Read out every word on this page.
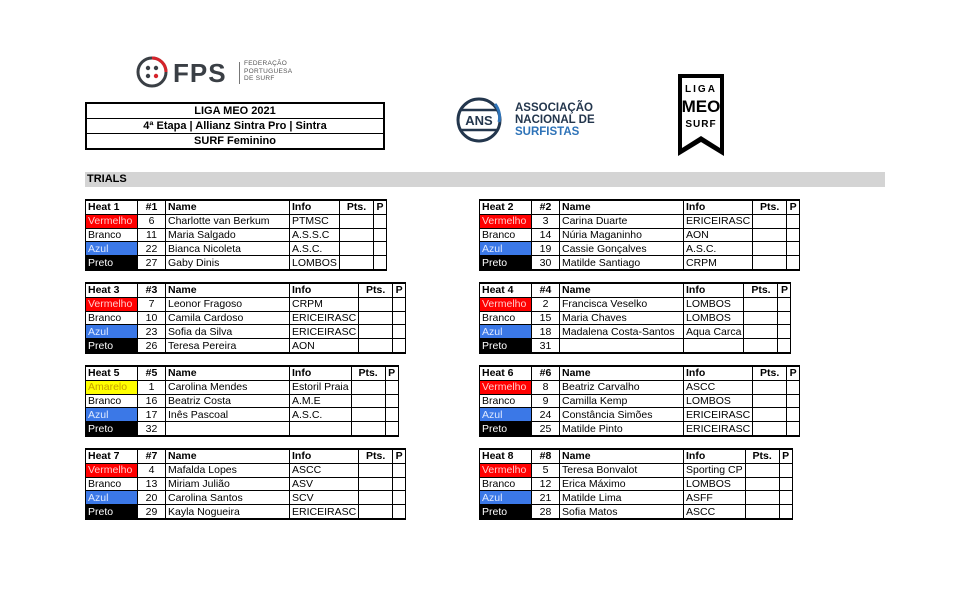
FPS	FEDERAÇÃO
PORTUGUESA
DE SURF
LIGA MEO 2021
4ª Etapa | Allianz Sintra Pro | Sintra
SURF Feminino
ANS
ASSOCIAÇÃO
NACIONAL DE
SURFISTAS
LIGA
MEO
SURF
TRIALS
Heat 1	#1	Name	Info	Pts.	P
Vermelho	6	Charlotte van Berkum	PTMSC		
Branco	11	Maria Salgado	A.S.S.C		
Azul	22	Bianca Nicoleta	A.S.C.		
Preto	27	Gaby Dinis	LOMBOS		
Heat 2	#2	Name	Info	Pts.	P
Vermelho	3	Carina Duarte	ERICEIRASC		
Branco	14	Núria Maganinho	AON		
Azul	19	Cassie Gonçalves	A.S.C.		
Preto	30	Matilde Santiago	CRPM		
Heat 3	#3	Name	Info	Pts.	P
Vermelho	7	Leonor Fragoso	CRPM		
Branco	10	Camila Cardoso	ERICEIRASC		
Azul	23	Sofia da Silva	ERICEIRASC		
Preto	26	Teresa Pereira	AON		
Heat 4	#4	Name	Info	Pts.	P
Vermelho	2	Francisca Veselko	LOMBOS		
Branco	15	Maria Chaves	LOMBOS		
Azul	18	Madalena Costa-Santos	Aqua Carca		
Preto	31				
Heat 5	#5	Name	Info	Pts.	P
Amarelo	1	Carolina Mendes	Estoril Praia		
Branco	16	Beatriz Costa	A.M.E		
Azul	17	Inês Pascoal	A.S.C.		
Preto	32				
Heat 6	#6	Name	Info	Pts.	P
Vermelho	8	Beatriz Carvalho	ASCC		
Branco	9	Camilla Kemp	LOMBOS		
Azul	24	Constância Simões	ERICEIRASC		
Preto	25	Matilde Pinto	ERICEIRASC		
Heat 7	#7	Name	Info	Pts.	P
Vermelho	4	Mafalda Lopes	ASCC		
Branco	13	Miriam Julião	ASV		
Azul	20	Carolina Santos	SCV		
Preto	29	Kayla Nogueira	ERICEIRASC		
Heat 8	#8	Name	Info	Pts.	P
Vermelho	5	Teresa Bonvalot	Sporting CP		
Branco	12	Erica Máximo	LOMBOS		
Azul	21	Matilde Lima	ASFF		
Preto	28	Sofia Matos	ASCC		
